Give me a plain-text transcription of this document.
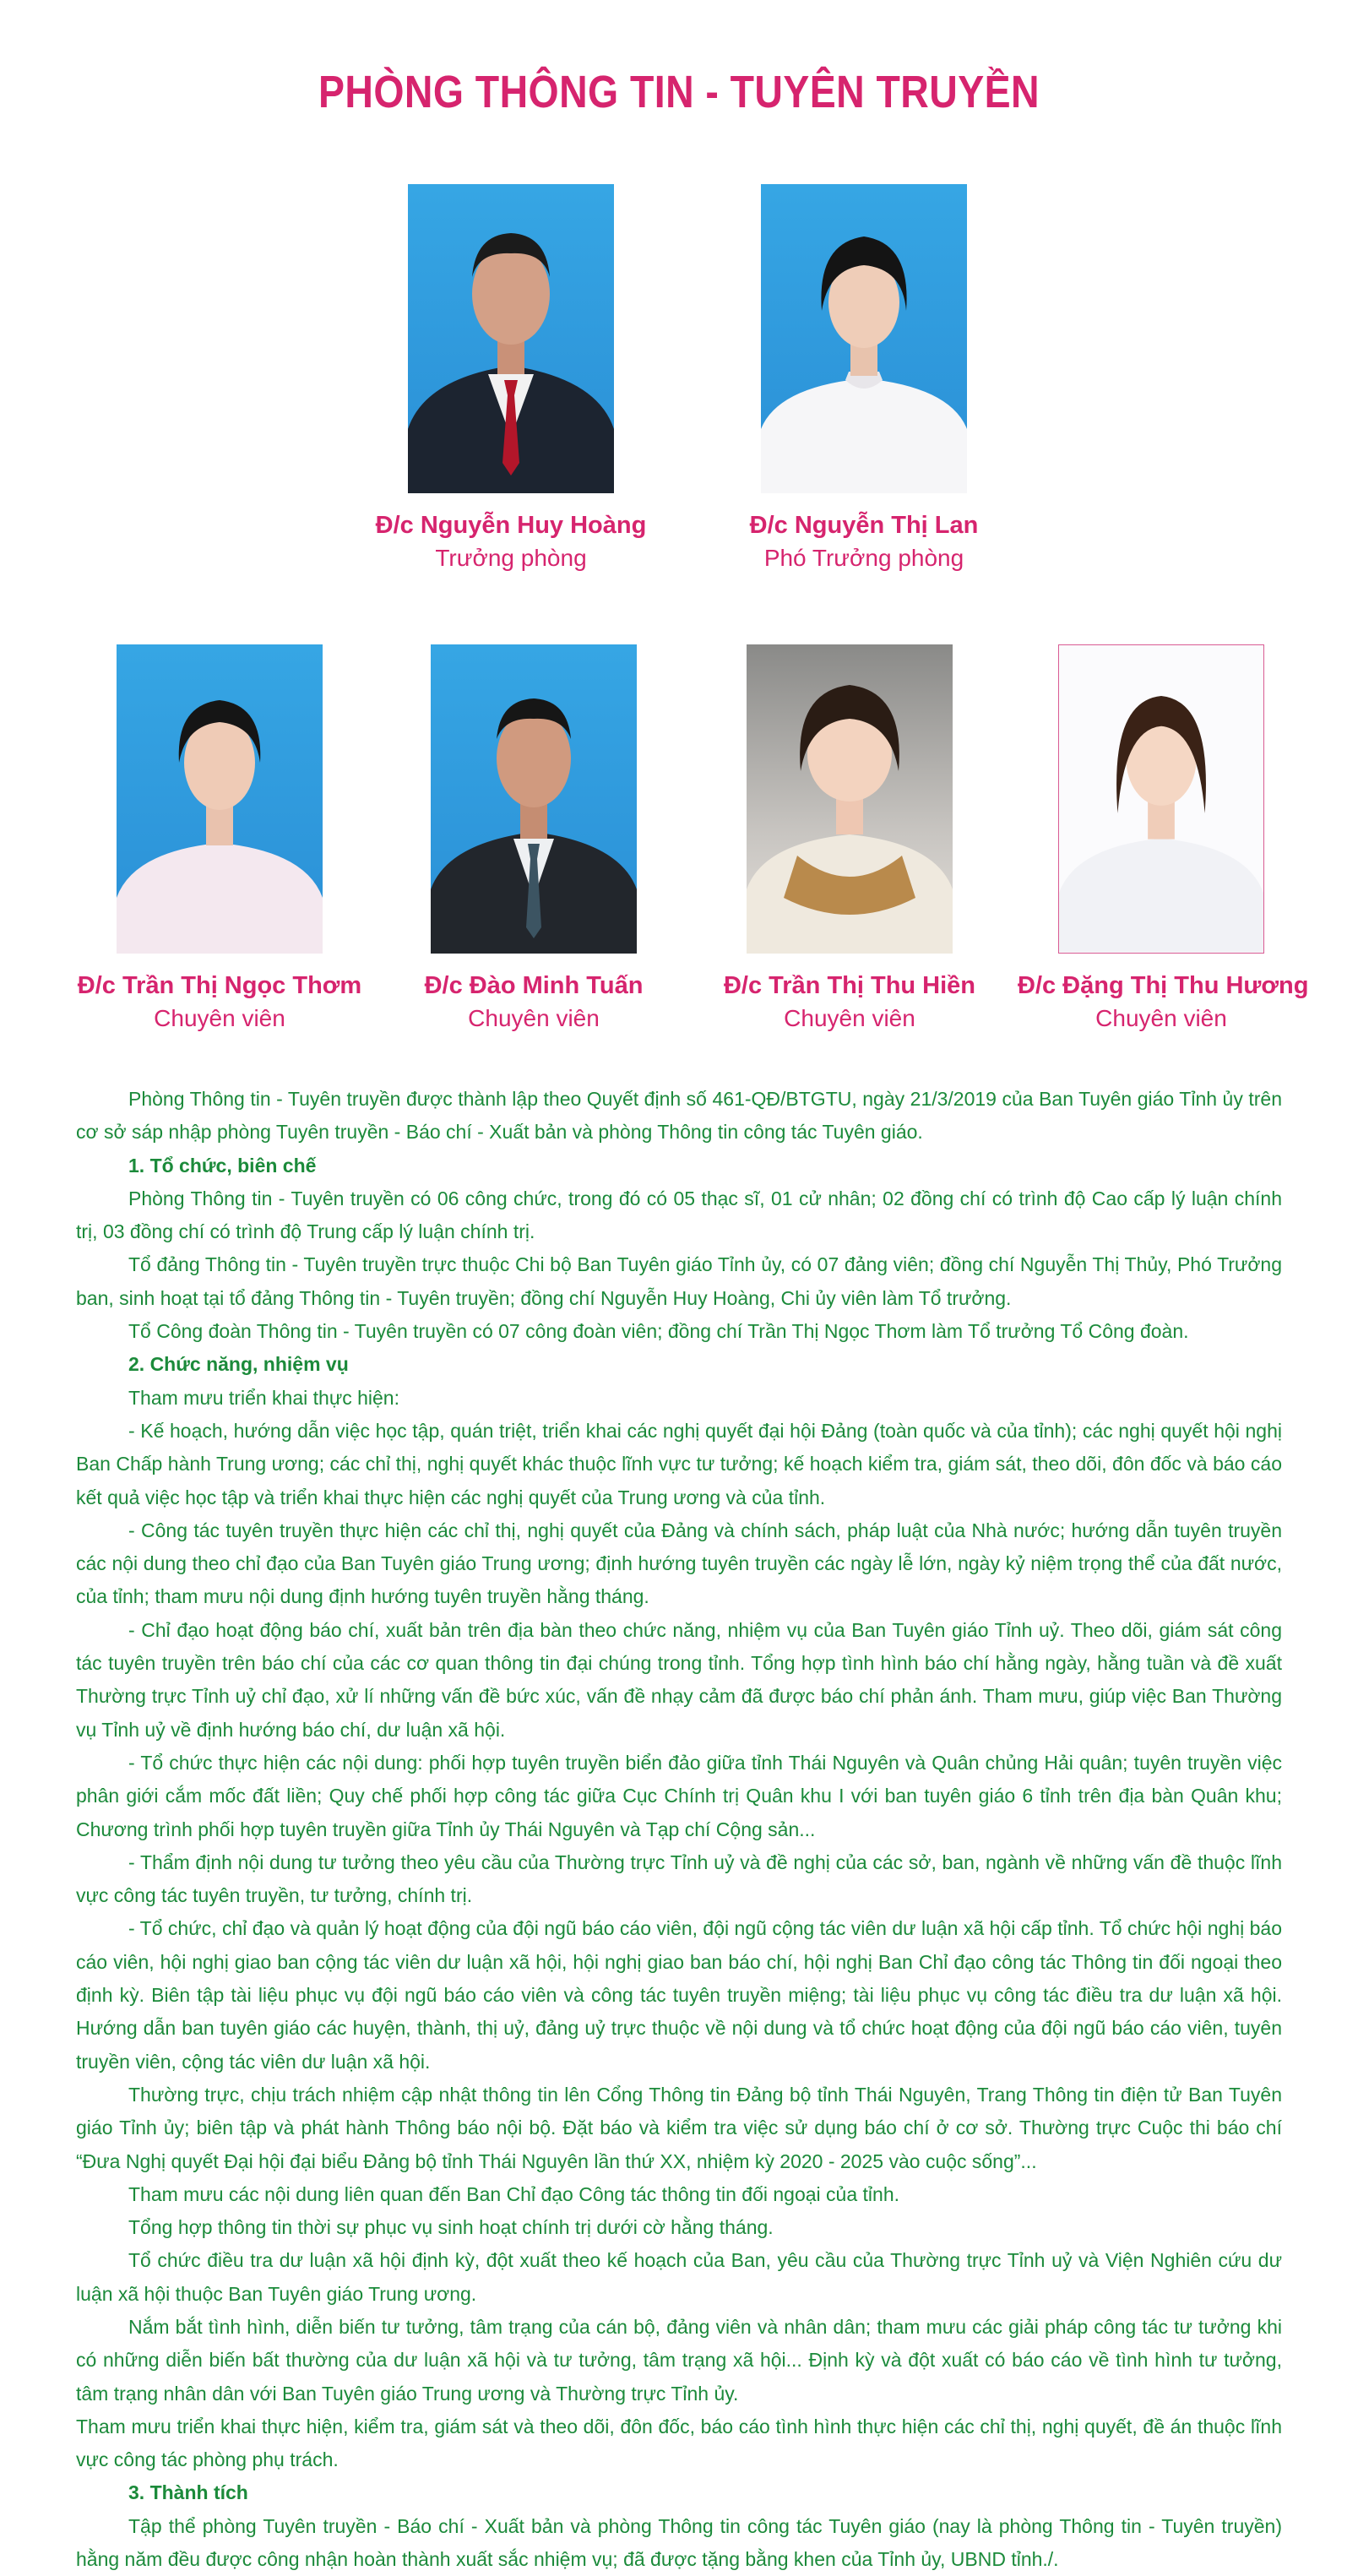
PHÒNG THÔNG TIN - TUYÊN TRUYỀN
Đ/c Nguyễn Huy Hoàng
Trưởng phòng
Đ/c Nguyễn Thị Lan
Phó Trưởng phòng
Đ/c Trần Thị Ngọc Thơm
Chuyên viên
Đ/c Đào Minh Tuấn
Chuyên viên
Đ/c Trần Thị Thu Hiền
Chuyên viên
Đ/c Đặng Thị Thu Hương
Chuyên viên

Phòng Thông tin - Tuyên truyền được thành lập theo Quyết định số 461-QĐ/BTGTU, ngày 21/3/2019 của Ban Tuyên giáo Tỉnh ủy trên cơ sở sáp nhập phòng Tuyên truyền - Báo chí - Xuất bản và phòng Thông tin công tác Tuyên giáo.

1. Tổ chức, biên chế

Phòng Thông tin - Tuyên truyền có 06 công chức, trong đó có 05 thạc sĩ, 01 cử nhân; 02 đồng chí có trình độ Cao cấp lý luận chính trị, 03 đồng chí có trình độ Trung cấp lý luận chính trị.

Tổ đảng Thông tin - Tuyên truyền trực thuộc Chi bộ Ban Tuyên giáo Tỉnh ủy, có 07 đảng viên; đồng chí Nguyễn Thị Thủy, Phó Trưởng ban, sinh hoạt tại tổ đảng Thông tin - Tuyên truyền; đồng chí Nguyễn Huy Hoàng, Chi ủy viên làm Tổ trưởng.

Tổ Công đoàn Thông tin - Tuyên truyền có 07 công đoàn viên; đồng chí Trần Thị Ngọc Thơm làm Tổ trưởng Tổ Công đoàn.

2. Chức năng, nhiệm vụ

Tham mưu triển khai thực hiện:

- Kế hoạch, hướng dẫn việc học tập, quán triệt, triển khai các nghị quyết đại hội Đảng (toàn quốc và của tỉnh); các nghị quyết hội nghị Ban Chấp hành Trung ương; các chỉ thị, nghị quyết khác thuộc lĩnh vực tư tưởng; kế hoạch kiểm tra, giám sát, theo dõi, đôn đốc và báo cáo kết quả việc học tập và triển khai thực hiện các nghị quyết của Trung ương và của tỉnh.

- Công tác tuyên truyền thực hiện các chỉ thị, nghị quyết của Đảng và chính sách, pháp luật của Nhà nước; hướng dẫn tuyên truyền các nội dung theo chỉ đạo của Ban Tuyên giáo Trung ương; định hướng tuyên truyền các ngày lễ lớn, ngày kỷ niệm trọng thể của đất nước, của tỉnh; tham mưu nội dung định hướng tuyên truyền hằng tháng.

- Chỉ đạo hoạt động báo chí, xuất bản trên địa bàn theo chức năng, nhiệm vụ của Ban Tuyên giáo Tỉnh uỷ. Theo dõi, giám sát công tác tuyên truyền trên báo chí của các cơ quan thông tin đại chúng trong tỉnh. Tổng hợp tình hình báo chí hằng ngày, hằng tuần và đề xuất Thường trực Tỉnh uỷ chỉ đạo, xử lí những vấn đề bức xúc, vấn đề nhạy cảm đã được báo chí phản ánh. Tham mưu, giúp việc Ban Thường vụ Tỉnh uỷ về định hướng báo chí, dư luận xã hội.

- Tổ chức thực hiện các nội dung: phối hợp tuyên truyền biển đảo giữa tỉnh Thái Nguyên và Quân chủng Hải quân; tuyên truyền việc phân giới cắm mốc đất liền; Quy chế phối hợp công tác giữa Cục Chính trị Quân khu I với ban tuyên giáo 6 tỉnh trên địa bàn Quân khu; Chương trình phối hợp tuyên truyền giữa Tỉnh ủy Thái Nguyên và Tạp chí Cộng sản...

- Thẩm định nội dung tư tưởng theo yêu cầu của Thường trực Tỉnh uỷ và đề nghị của các sở, ban, ngành về những vấn đề thuộc lĩnh vực công tác tuyên truyền, tư tưởng, chính trị.

- Tổ chức, chỉ đạo và quản lý hoạt động của đội ngũ báo cáo viên, đội ngũ cộng tác viên dư luận xã hội cấp tỉnh. Tổ chức hội nghị báo cáo viên, hội nghị giao ban cộng tác viên dư luận xã hội, hội nghị giao ban báo chí, hội nghị Ban Chỉ đạo công tác Thông tin đối ngoại theo định kỳ. Biên tập tài liệu phục vụ đội ngũ báo cáo viên và công tác tuyên truyền miệng; tài liệu phục vụ công tác điều tra dư luận xã hội. Hướng dẫn ban tuyên giáo các huyện, thành, thị uỷ, đảng uỷ trực thuộc về nội dung và tổ chức hoạt động của đội ngũ báo cáo viên, tuyên truyền viên, cộng tác viên dư luận xã hội.

Thường trực, chịu trách nhiệm cập nhật thông tin lên Cổng Thông tin Đảng bộ tỉnh Thái Nguyên, Trang Thông tin điện tử Ban Tuyên giáo Tỉnh ủy; biên tập và phát hành Thông báo nội bộ. Đặt báo và kiểm tra việc sử dụng báo chí ở cơ sở. Thường trực Cuộc thi báo chí “Đưa Nghị quyết Đại hội đại biểu Đảng bộ tỉnh Thái Nguyên lần thứ XX, nhiệm kỳ 2020 - 2025 vào cuộc sống”...

Tham mưu các nội dung liên quan đến Ban Chỉ đạo Công tác thông tin đối ngoại của tỉnh.

Tổng hợp thông tin thời sự phục vụ sinh hoạt chính trị dưới cờ hằng tháng.

Tổ chức điều tra dư luận xã hội định kỳ, đột xuất theo kế hoạch của Ban, yêu cầu của Thường trực Tỉnh uỷ và Viện Nghiên cứu dư luận xã hội thuộc Ban Tuyên giáo Trung ương.

Nắm bắt tình hình, diễn biến tư tưởng, tâm trạng của cán bộ, đảng viên và nhân dân; tham mưu các giải pháp công tác tư tưởng khi có những diễn biến bất thường của dư luận xã hội và tư tưởng, tâm trạng xã hội... Định kỳ và đột xuất có báo cáo về tình hình tư tưởng, tâm trạng nhân dân với Ban Tuyên giáo Trung ương và Thường trực Tỉnh ủy.

Tham mưu triển khai thực hiện, kiểm tra, giám sát và theo dõi, đôn đốc, báo cáo tình hình thực hiện các chỉ thị, nghị quyết, đề án thuộc lĩnh vực công tác phòng phụ trách.

3. Thành tích

Tập thể phòng Tuyên truyền - Báo chí - Xuất bản và phòng Thông tin công tác Tuyên giáo (nay là phòng Thông tin - Tuyên truyền) hằng năm đều được công nhận hoàn thành xuất sắc nhiệm vụ; đã được tặng bằng khen của Tỉnh ủy, UBND tỉnh./.
